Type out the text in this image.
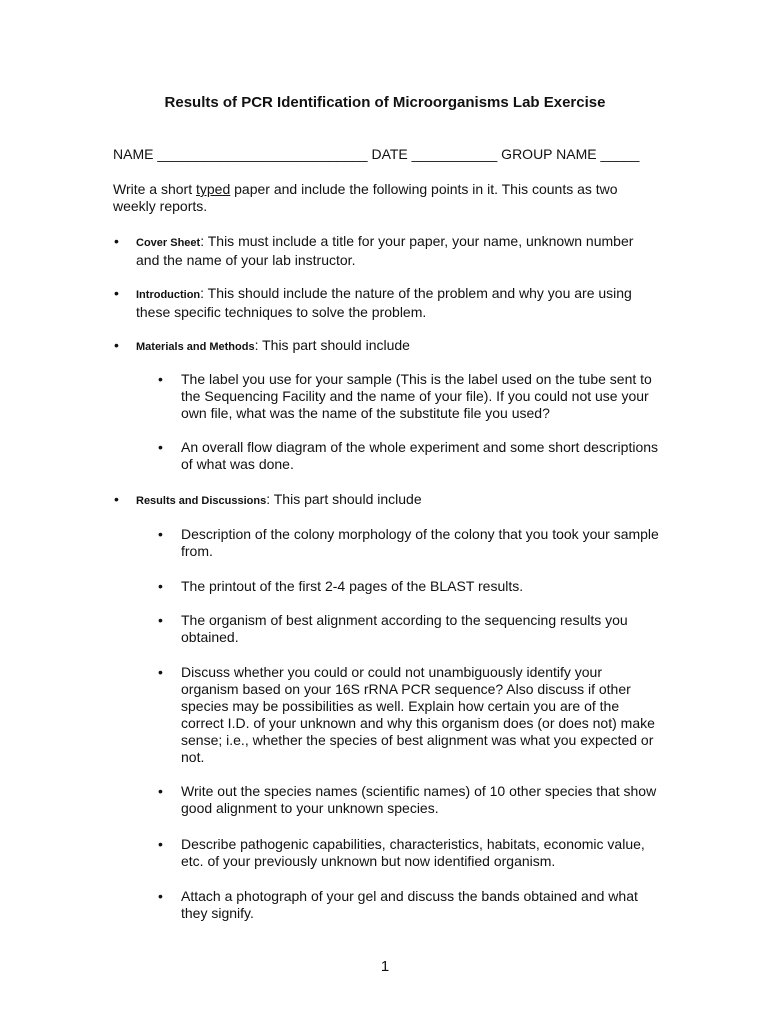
Results of PCR Identification of Microorganisms Lab Exercise
NAME ___________________________ DATE ___________ GROUP NAME _____
Write a short typed paper and include the following points in it. This counts as two weekly reports.
• Cover Sheet: This must include a title for your paper, your name, unknown number and the name of your lab instructor.
• Introduction: This should include the nature of the problem and why you are using these specific techniques to solve the problem.
• Materials and Methods: This part should include
• The label you use for your sample (This is the label used on the tube sent to the Sequencing Facility and the name of your file). If you could not use your own file, what was the name of the substitute file you used?
• An overall flow diagram of the whole experiment and some short descriptions of what was done.
• Results and Discussions: This part should include
• Description of the colony morphology of the colony that you took your sample from.
• The printout of the first 2-4 pages of the BLAST results.
• The organism of best alignment according to the sequencing results you obtained.
• Discuss whether you could or could not unambiguously identify your organism based on your 16S rRNA PCR sequence? Also discuss if other species may be possibilities as well. Explain how certain you are of the correct I.D. of your unknown and why this organism does (or does not) make sense; i.e., whether the species of best alignment was what you expected or not.
• Write out the species names (scientific names) of 10 other species that show good alignment to your unknown species.
• Describe pathogenic capabilities, characteristics, habitats, economic value, etc. of your previously unknown but now identified organism.
• Attach a photograph of your gel and discuss the bands obtained and what they signify.
1
